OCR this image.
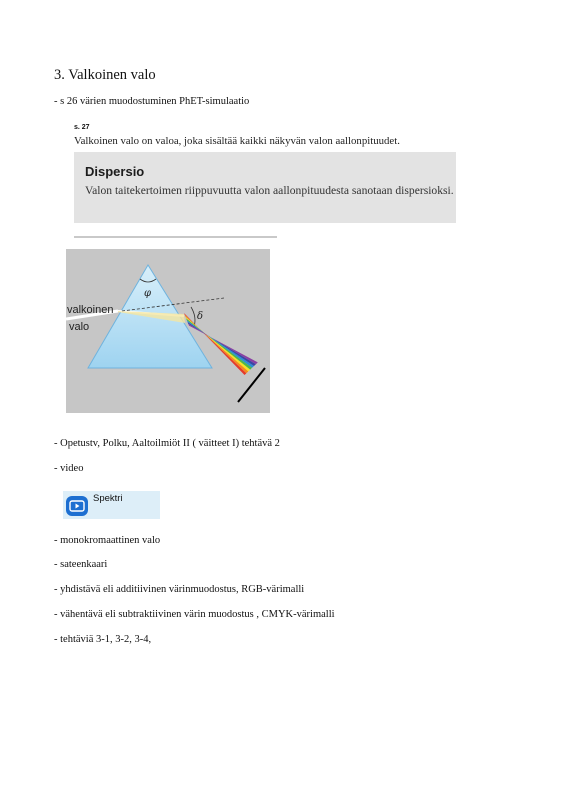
3. Valkoinen valo
- s 26 värien muodostuminen PhET-simulaatio
s. 27
Valkoinen valo on valoa, joka sisältää kaikki näkyvän valon aallonpituudet.
Dispersio
Valon taitekertoimen riippuvuutta valon aallonpituudesta sanotaan dispersioksi.
valkoinen
valo
φ
δ
- Opetustv, Polku, Aaltoilmiöt II ( väitteet I) tehtävä 2
- video
Spektri
- monokromaattinen valo
- sateenkaari
- yhdistävä eli additiivinen värinmuodostus, RGB-värimalli
- vähentävä eli subtraktiivinen värin muodostus , CMYK-värimalli
- tehtäviä 3-1, 3-2, 3-4,
